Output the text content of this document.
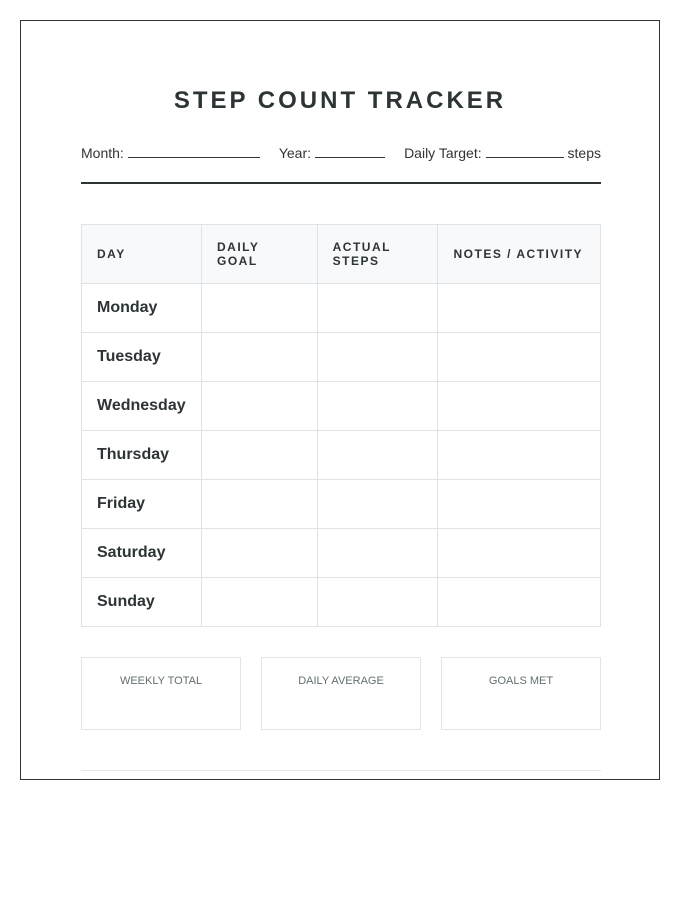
STEP COUNT TRACKER
Month:	Year:	Daily Target:	steps
DAY	DAILY GOAL	ACTUAL STEPS	NOTES / ACTIVITY
Monday			
Tuesday			
Wednesday			
Thursday			
Friday			
Saturday			
Sunday			
WEEKLY TOTAL	DAILY AVERAGE	GOALS MET
